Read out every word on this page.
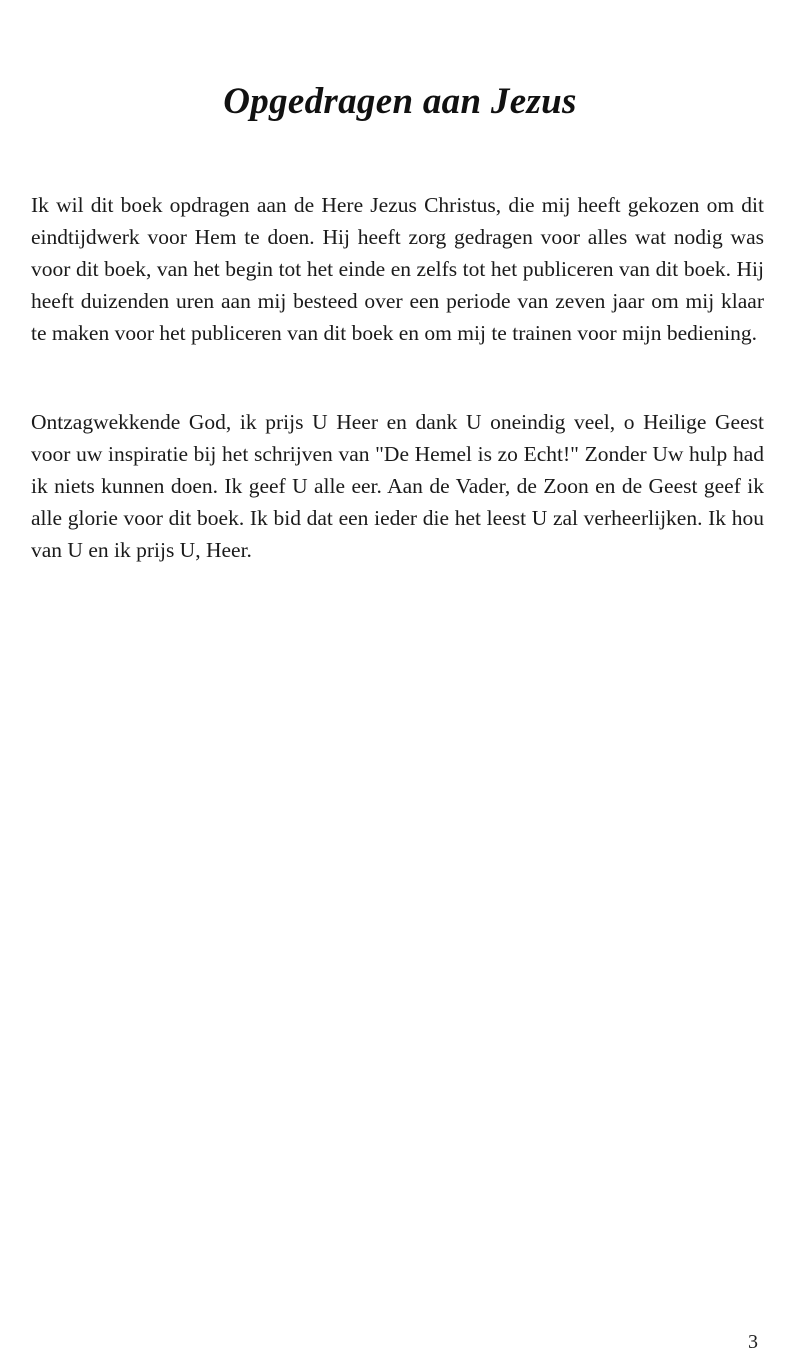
Opgedragen aan Jezus

Ik wil dit boek opdragen aan de Here Jezus Christus, die mij heeft gekozen om dit eindtijdwerk voor Hem te doen. Hij heeft zorg gedragen voor alles wat nodig was voor dit boek, van het begin tot het einde en zelfs tot het publiceren van dit boek. Hij heeft duizenden uren aan mij besteed over een periode van zeven jaar om mij klaar te maken voor het publiceren van dit boek en om mij te trainen voor mijn bediening.

Ontzagwekkende God, ik prijs U Heer en dank U oneindig veel, o Heilige Geest voor uw inspiratie bij het schrijven van "De Hemel is zo Echt!" Zonder Uw hulp had ik niets kunnen doen. Ik geef U alle eer. Aan de Vader, de Zoon en de Geest geef ik alle glorie voor dit boek. Ik bid dat een ieder die het leest U zal verheerlijken. Ik hou van U en ik prijs U, Heer.

3
